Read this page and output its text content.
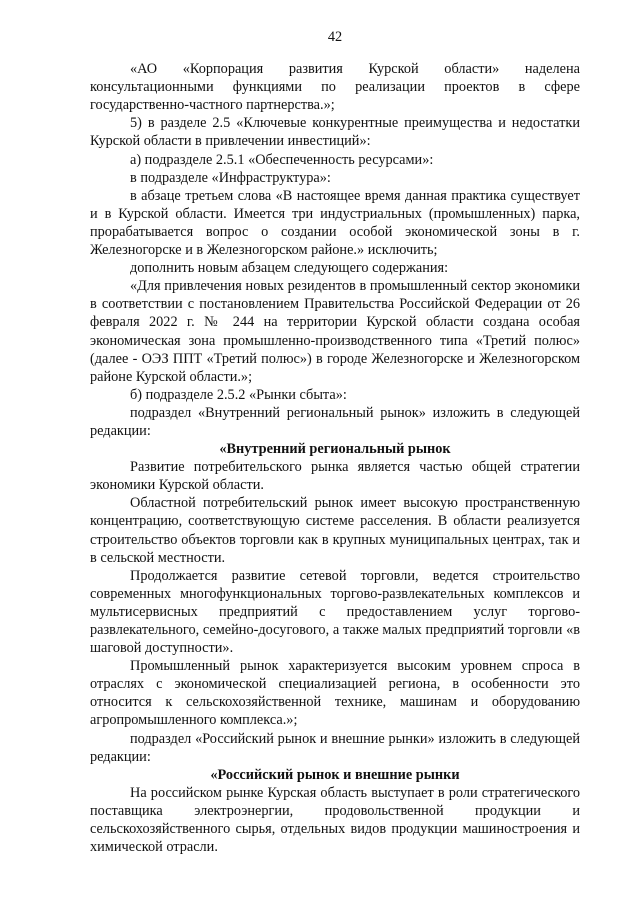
42

«АО «Корпорация развития Курской области» наделена консультационными функциями по реализации проектов в сфере государственно-частного партнерства.»;

5) в разделе 2.5 «Ключевые конкурентные преимущества и недостатки Курской области в привлечении инвестиций»:

а) подразделе 2.5.1 «Обеспеченность ресурсами»:

в подразделе «Инфраструктура»:

в абзаце третьем слова «В настоящее время данная практика существует и в Курской области. Имеется три индустриальных (промышленных) парка, прорабатывается вопрос о создании особой экономической зоны в г. Железногорске и в Железногорском районе.» исключить;

дополнить новым абзацем следующего содержания:

«Для привлечения новых резидентов в промышленный сектор экономики в соответствии с постановлением Правительства Российской Федерации от 26 февраля 2022 г. № 244 на территории Курской области создана особая экономическая зона промышленно-производственного типа «Третий полюс» (далее - ОЭЗ ППТ «Третий полюс») в городе Железногорске и Железногорском районе Курской области.»;

б) подразделе 2.5.2 «Рынки сбыта»:

подраздел «Внутренний региональный рынок» изложить в следующей редакции:

«Внутренний региональный рынок

Развитие потребительского рынка является частью общей стратегии экономики Курской области.

Областной потребительский рынок имеет высокую пространственную концентрацию, соответствующую системе расселения. В области реализуется строительство объектов торговли как в крупных муниципальных центрах, так и в сельской местности.

Продолжается развитие сетевой торговли, ведется строительство современных многофункциональных торгово-развлекательных комплексов и мультисервисных предприятий с предоставлением услуг торгово-развлекательного, семейно-досугового, а также малых предприятий торговли «в шаговой доступности».

Промышленный рынок характеризуется высоким уровнем спроса в отраслях с экономической специализацией региона, в особенности это относится к сельскохозяйственной технике, машинам и оборудованию агропромышленного комплекса.»;

подраздел «Российский рынок и внешние рынки» изложить в следующей редакции:

«Российский рынок и внешние рынки

На российском рынке Курская область выступает в роли стратегического поставщика электроэнергии, продовольственной продукции и сельскохозяйственного сырья, отдельных видов продукции машиностроения и химической отрасли.
